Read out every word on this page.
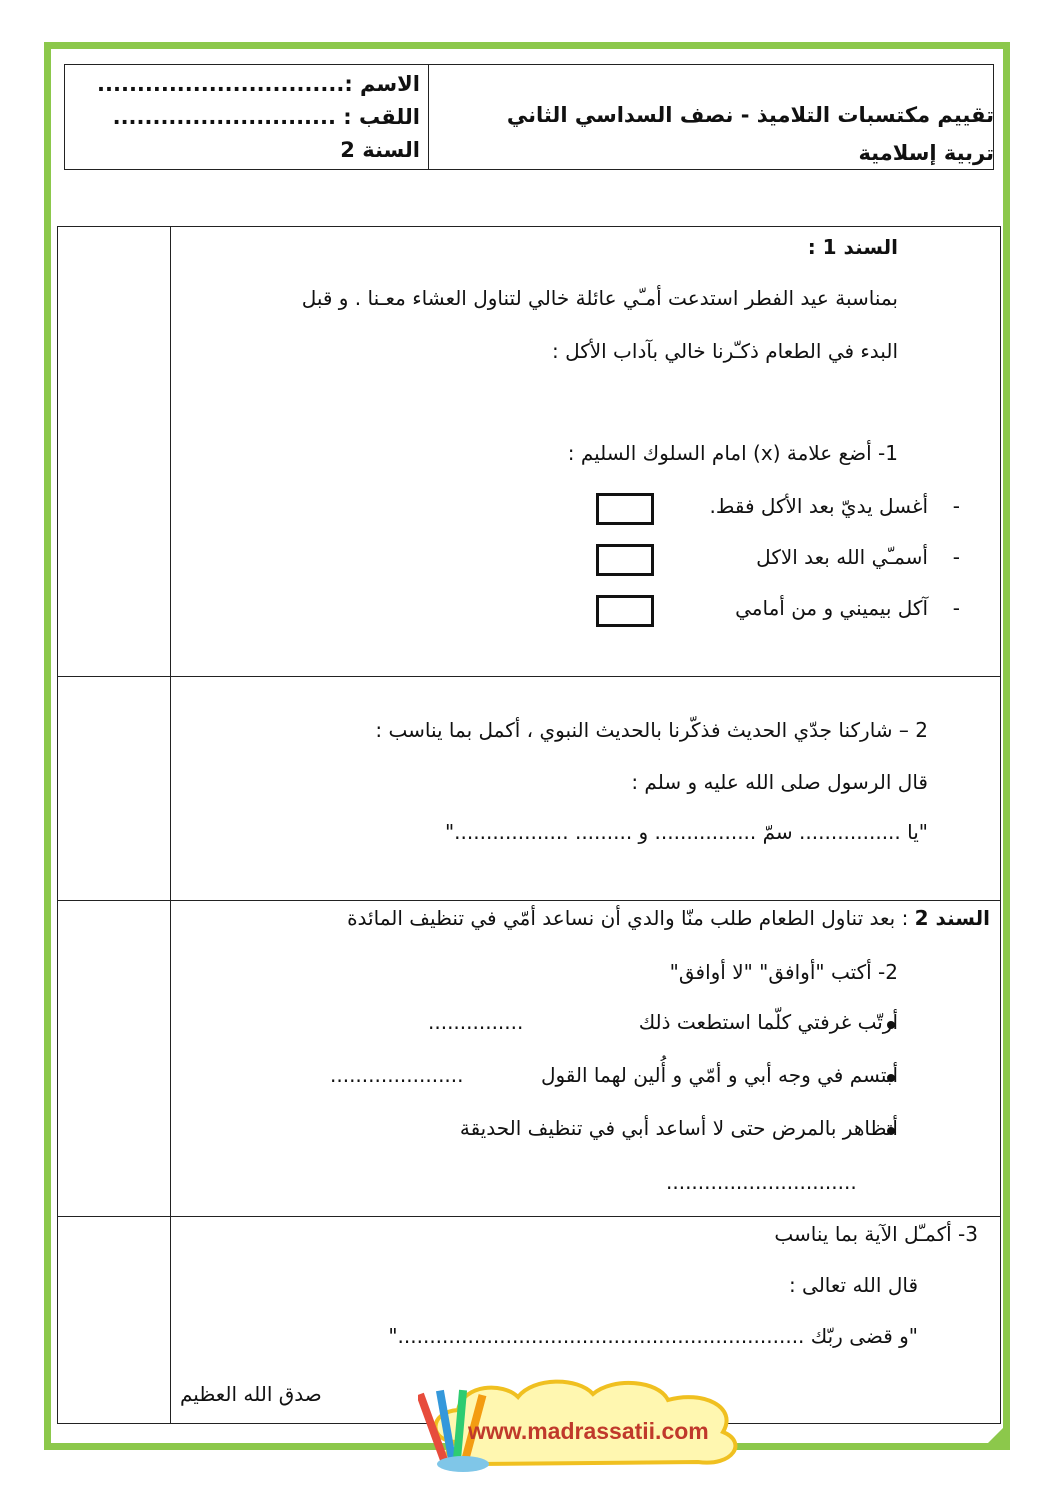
تقييم مكتسبات التلاميذ - نصف السداسي الثاني
تربية إسلامية
الاسم :...............................
اللقب : ............................
السنة 2
السند 1 :
بمناسبة عيد الفطر استدعت أمـّي عائلة خالي لتناول العشاء معـنا . و قبل
البدء في الطعام ذكـّرنا خالي بآداب الأكل :
1- أضع علامة (x) امام السلوك السليم :
-
أغسل يديّ بعد الأكل فقط.
-
أسمـّي الله بعد الاكل
-
آكل بيميني و من أمامي
2 – شاركنا جدّي الحديث فذكّرنا بالحديث النبوي ، أكمل بما يناسب :
قال الرسول صلى الله عليه و سلم :
"يا ................ سمّ ................ و ......... .................."
السند 2 : بعد تناول الطعام طلب منّا والدي أن نساعد أمّي في تنظيف المائدة
2- أكتب "أوافق" "لا أوافق"
أرتّب غرفتي كلّما استطعت ذلك
...............
أبتسم في وجه أبي و أمّي و أُلين لهما القول
.....................
أتظاهر بالمرض حتى لا أساعد أبي في تنظيف الحديقة
..............................
3- أكمـّل الآية بما يناسب
قال الله تعالى :
"و قضى ربّك ................................................................"
صدق الله العظيم
www.madrassatii.com
